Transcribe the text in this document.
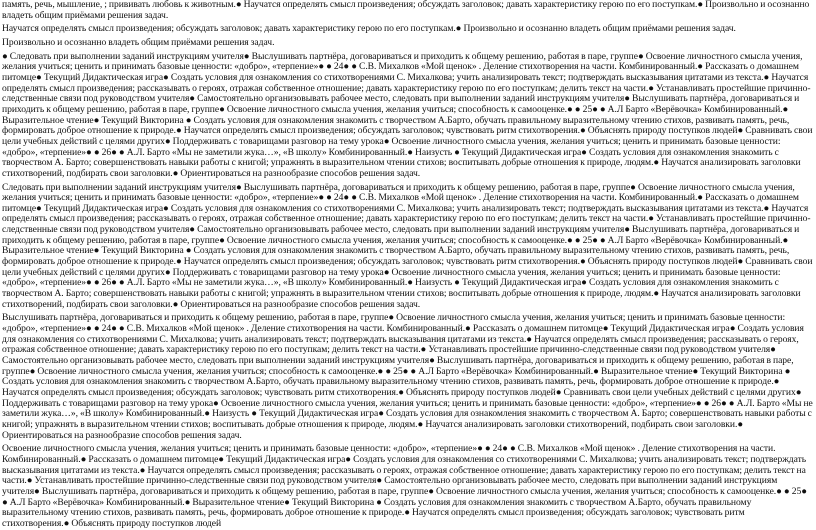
память, речь, мышление, ; прививать любовь к животным.● Научатся определять смысл произведения; обсуждать заголовок; давать характеристику герою по его поступкам.● Произвольно и осознанно владеть общим приёмами решения задач.

Научатся определять смысл произведения; обсуждать заголовок; давать характеристику герою по его поступкам.● Произвольно и осознанно владеть общим приёмами решения задач.

Произвольно и осознанно владеть общим приёмами решения задач.

● Следовать при выполнении заданий инструкциям учителя● Выслушивать партнёра, договариваться и приходить к общему решению, работая в паре, группе● Освоение личностного смысла учения, желания учиться; ценить и принимать базовые ценности: «добро», «терпение»● ● 24● ● С.В. Михалков «Мой щенок» . Деление стихотворения на части. Комбинированный.● Рассказать о домашнем питомце● Текущий Дидактическая игра● Создать условия для ознакомления со стихотворениями С. Михалкова; учить анализировать текст; подтверждать высказывания цитатами из текста.● Научатся определять смысл произведения; рассказывать о героях, отражая собственное отношение; давать характеристику герою по его поступкам; делить текст на части.● Устанавливать простейшие причинно-следственные связи под руководством учителя● Самостоятельно организовывать рабочее место, следовать при выполнении заданий инструкциям учителя● Выслушивать партнёра, договариваться и приходить к общему решению, работая в паре, группе● Освоение личностного смысла учения, желания учиться; способность к самооценке.● ● 25● ● А.Л Барто «Верёвочка» Комбинированный.● Выразительное чтение● Текущий Викторина ● Создать условия для ознакомления знакомить с творчеством А.Барто, обучать правильному выразительному чтению стихов, развивать память, речь, формировать доброе отношение к природе.● Научатся определять смысл произведения; обсуждать заголовок; чувствовать ритм стихотворения.● Объяснять природу поступков людей● Сравнивать свои цели учебных действий с целями других● Поддерживать с товарищами разговор на тему урока● Освоение личностного смысла учения, желания учиться; ценить и принимать базовые ценности: «добро», «терпение»● ● 26● ● А.Л. Барто «Мы не заметили жука…», «В школу» Комбинированный.● Наизусть ● Текущий Дидактическая игра● Создать условия для ознакомления знакомить с творчеством А. Барто; совершенствовать навыки работы с книгой; упражнять в выразительном чтении стихов; воспитывать добрые отношения к природе, людям.● Научатся анализировать заголовки стихотворений, подбирать свои заголовки.● Ориентироваться на разнообразие способов решения задач.

Следовать при выполнении заданий инструкциям учителя● Выслушивать партнёра, договариваться и приходить к общему решению, работая в паре, группе● Освоение личностного смысла учения, желания учиться; ценить и принимать базовые ценности: «добро», «терпение»● ● 24● ● С.В. Михалков «Мой щенок» . Деление стихотворения на части. Комбинированный.● Рассказать о домашнем питомце● Текущий Дидактическая игра● Создать условия для ознакомления со стихотворениями С. Михалкова; учить анализировать текст; подтверждать высказывания цитатами из текста.● Научатся определять смысл произведения; рассказывать о героях, отражая собственное отношение; давать характеристику герою по его поступкам; делить текст на части.● Устанавливать простейшие причинно-следственные связи под руководством учителя● Самостоятельно организовывать рабочее место, следовать при выполнении заданий инструкциям учителя● Выслушивать партнёра, договариваться и приходить к общему решению, работая в паре, группе● Освоение личностного смысла учения, желания учиться; способность к самооценке.● ● 25● ● А.Л Барто «Верёвочка» Комбинированный.● Выразительное чтение● Текущий Викторина ● Создать условия для ознакомления знакомить с творчеством А.Барто, обучать правильному выразительному чтению стихов, развивать память, речь, формировать доброе отношение к природе.● Научатся определять смысл произведения; обсуждать заголовок; чувствовать ритм стихотворения.● Объяснять природу поступков людей● Сравнивать свои цели учебных действий с целями других● Поддерживать с товарищами разговор на тему урока● Освоение личностного смысла учения, желания учиться; ценить и принимать базовые ценности: «добро», «терпение»● ● 26● ● А.Л. Барто «Мы не заметили жука…», «В школу» Комбинированный.● Наизусть ● Текущий Дидактическая игра● Создать условия для ознакомления знакомить с творчеством А. Барто; совершенствовать навыки работы с книгой; упражнять в выразительном чтении стихов; воспитывать добрые отношения к природе, людям.● Научатся анализировать заголовки стихотворений, подбирать свои заголовки.● Ориентироваться на разнообразие способов решения задач.

Выслушивать партнёра, договариваться и приходить к общему решению, работая в паре, группе● Освоение личностного смысла учения, желания учиться; ценить и принимать базовые ценности: «добро», «терпение»● ● 24● ● С.В. Михалков «Мой щенок» . Деление стихотворения на части. Комбинированный.● Рассказать о домашнем питомце● Текущий Дидактическая игра● Создать условия для ознакомления со стихотворениями С. Михалкова; учить анализировать текст; подтверждать высказывания цитатами из текста.● Научатся определять смысл произведения; рассказывать о героях, отражая собственное отношение; давать характеристику герою по его поступкам; делить текст на части.● Устанавливать простейшие причинно-следственные связи под руководством учителя● Самостоятельно организовывать рабочее место, следовать при выполнении заданий инструкциям учителя● Выслушивать партнёра, договариваться и приходить к общему решению, работая в паре, группе● Освоение личностного смысла учения, желания учиться; способность к самооценке.● ● 25● ● А.Л Барто «Верёвочка» Комбинированный.● Выразительное чтение● Текущий Викторина ● Создать условия для ознакомления знакомить с творчеством А.Барто, обучать правильному выразительному чтению стихов, развивать память, речь, формировать доброе отношение к природе.● Научатся определять смысл произведения; обсуждать заголовок; чувствовать ритм стихотворения.● Объяснять природу поступков людей● Сравнивать свои цели учебных действий с целями других● Поддерживать с товарищами разговор на тему урока● Освоение личностного смысла учения, желания учиться; ценить и принимать базовые ценности: «добро», «терпение»● ● 26● ● А.Л. Барто «Мы не заметили жука…», «В школу» Комбинированный.● Наизусть ● Текущий Дидактическая игра● Создать условия для ознакомления знакомить с творчеством А. Барто; совершенствовать навыки работы с книгой; упражнять в выразительном чтении стихов; воспитывать добрые отношения к природе, людям.● Научатся анализировать заголовки стихотворений, подбирать свои заголовки.● Ориентироваться на разнообразие способов решения задач.

Освоение личностного смысла учения, желания учиться; ценить и принимать базовые ценности: «добро», «терпение»● ● 24● ● С.В. Михалков «Мой щенок» . Деление стихотворения на части. Комбинированный.● Рассказать о домашнем питомце● Текущий Дидактическая игра● Создать условия для ознакомления со стихотворениями С. Михалкова; учить анализировать текст; подтверждать высказывания цитатами из текста.● Научатся определять смысл произведения; рассказывать о героях, отражая собственное отношение; давать характеристику герою по его поступкам; делить текст на части.● Устанавливать простейшие причинно-следственные связи под руководством учителя● Самостоятельно организовывать рабочее место, следовать при выполнении заданий инструкциям учителя● Выслушивать партнёра, договариваться и приходить к общему решению, работая в паре, группе● Освоение личностного смысла учения, желания учиться; способность к самооценке.● ● 25● ● А.Л Барто «Верёвочка» Комбинированный.● Выразительное чтение● Текущий Викторина ● Создать условия для ознакомления знакомить с творчеством А.Барто, обучать правильному выразительному чтению стихов, развивать память, речь, формировать доброе отношение к природе.● Научатся определять смысл произведения; обсуждать заголовок; чувствовать ритм стихотворения.● Объяснять природу поступков людей
